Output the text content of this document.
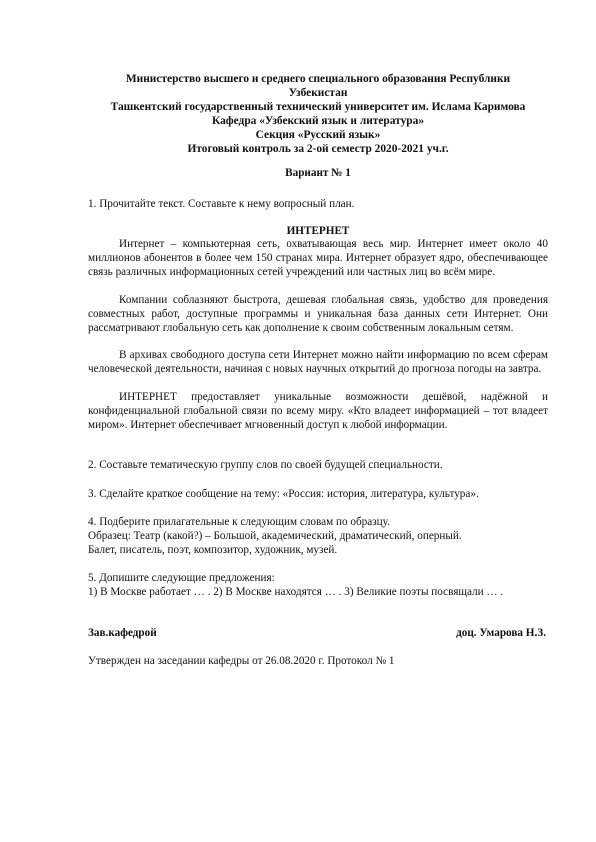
Министерство высшего и среднего специального образования Республики
Узбекистан
Ташкентский государственный технический университет им. Ислама Каримова
Кафедра «Узбекский язык и литература»
Секция «Русский язык»
Итоговый контроль за 2-ой семестр 2020-2021 уч.г.
Вариант № 1
1. Прочитайте текст. Составьте к нему вопросный план.
ИНТЕРНЕТ
Интернет – компьютерная сеть, охватывающая весь мир. Интернет имеет около 40 миллионов абонентов в более чем 150 странах мира. Интернет образует ядро, обеспечивающее связь различных информационных сетей учреждений или частных лиц во всём мире.
Компании соблазняют быстрота, дешевая глобальная связь, удобство для проведения совместных работ, доступные программы и уникальная база данных сети Интернет. Они рассматривают глобальную сеть как дополнение к своим собственным локальным сетям.
В архивах свободного доступа сети Интернет можно найти информацию по всем сферам человеческой деятельности, начиная с новых научных открытий до прогноза погоды на завтра.
ИНТЕРНЕТ предоставляет уникальные возможности дешёвой, надёжной и конфиденциальной глобальной связи по всему миру. «Кто владеет информацией – тот владеет миром». Интернет обеспечивает мгновенный доступ к любой информации.
2. Составьте тематическую группу слов по своей будущей специальности.
3. Сделайте краткое сообщение на тему: «Россия: история, литература, культура».
4. Подберите прилагательные к следующим словам по образцу.
Образец: Театр (какой?) – Большой, академический, драматический, оперный.
Балет, писатель, поэт, композитор, художник, музей.
5. Допишите следующие предложения:
1) В Москве работает … . 2) В Москве находятся … . 3) Великие поэты посвящали … .
Зав.кафедрой	доц. Умарова Н.З.
Утвержден на заседании кафедры от 26.08.2020 г. Протокол № 1
